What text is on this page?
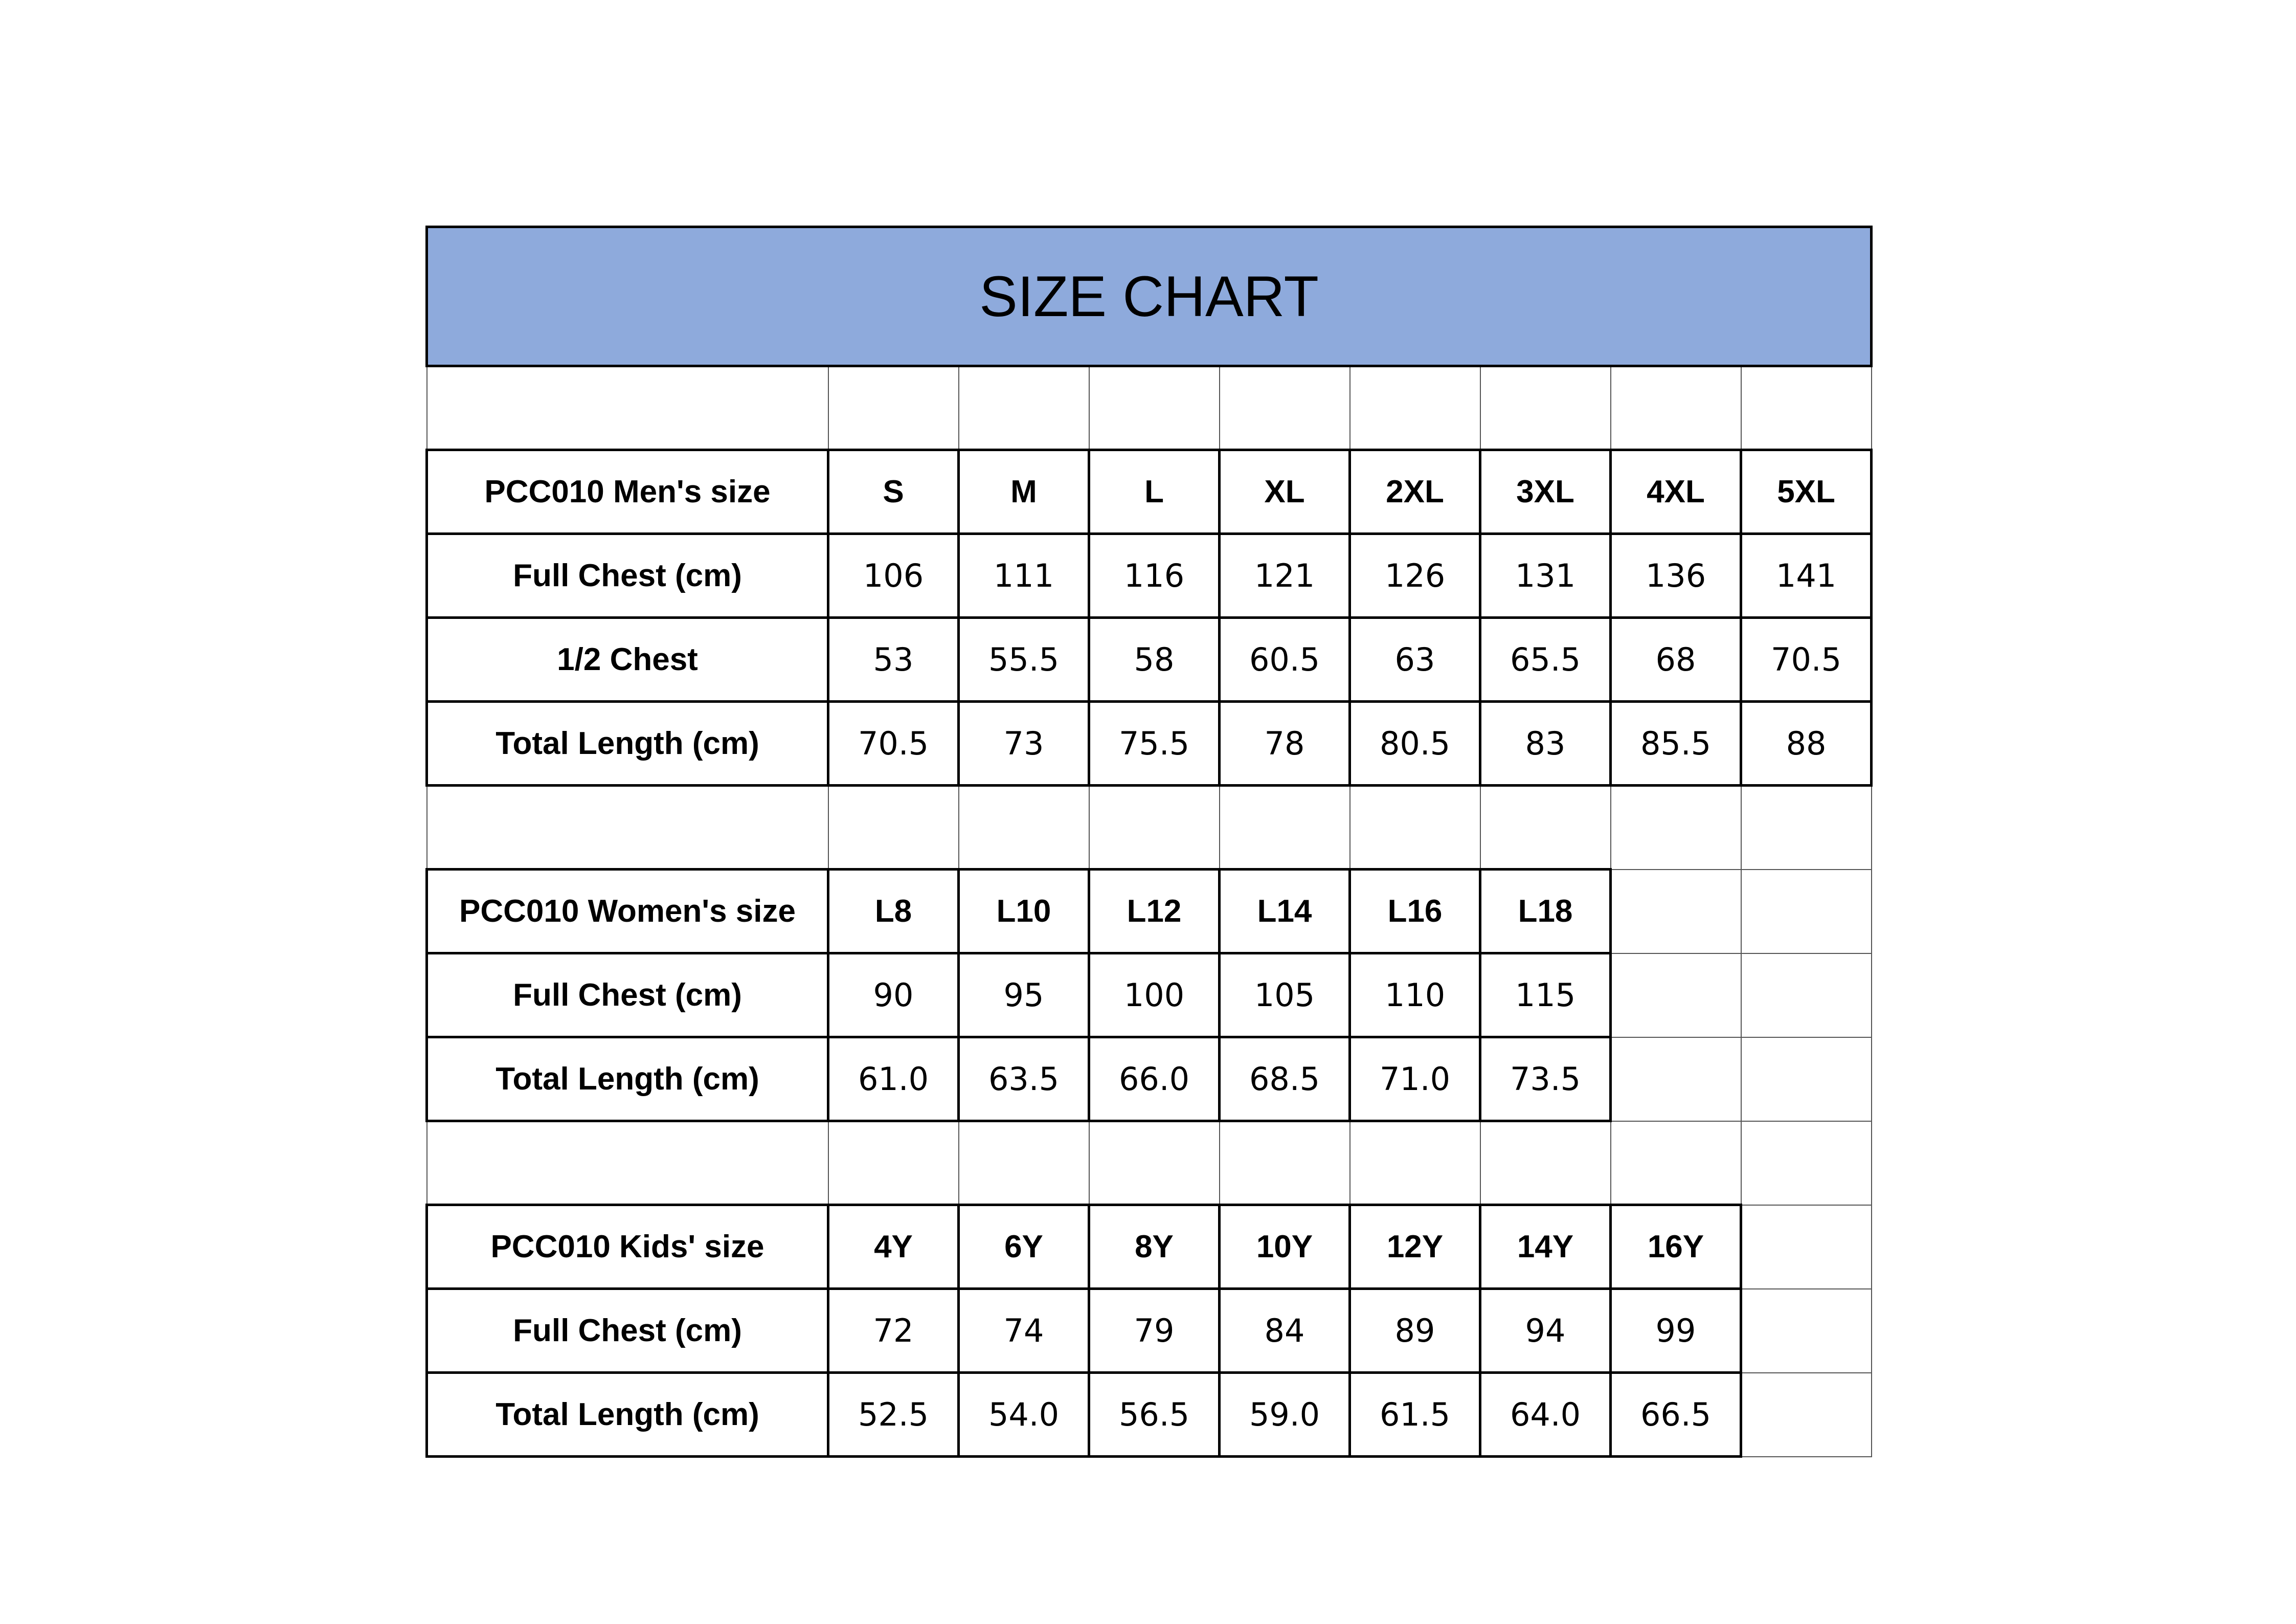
SIZE CHART								

PCC010 Men's size	S	M	L	XL	2XL	3XL	4XL	5XL
Full Chest (cm)	106	111	116	121	126	131	136	141
1/2 Chest	53	55.5	58	60.5	63	65.5	68	70.5
Total Length (cm)	70.5	73	75.5	78	80.5	83	85.5	88

PCC010 Women's size	L8	L10	L12	L14	L16	L18		
Full Chest (cm)	90	95	100	105	110	115		
Total Length (cm)	61.0	63.5	66.0	68.5	71.0	73.5		

PCC010 Kids' size	4Y	6Y	8Y	10Y	12Y	14Y	16Y	
Full Chest (cm)	72	74	79	84	89	94	99	
Total Length (cm)	52.5	54.0	56.5	59.0	61.5	64.0	66.5	
